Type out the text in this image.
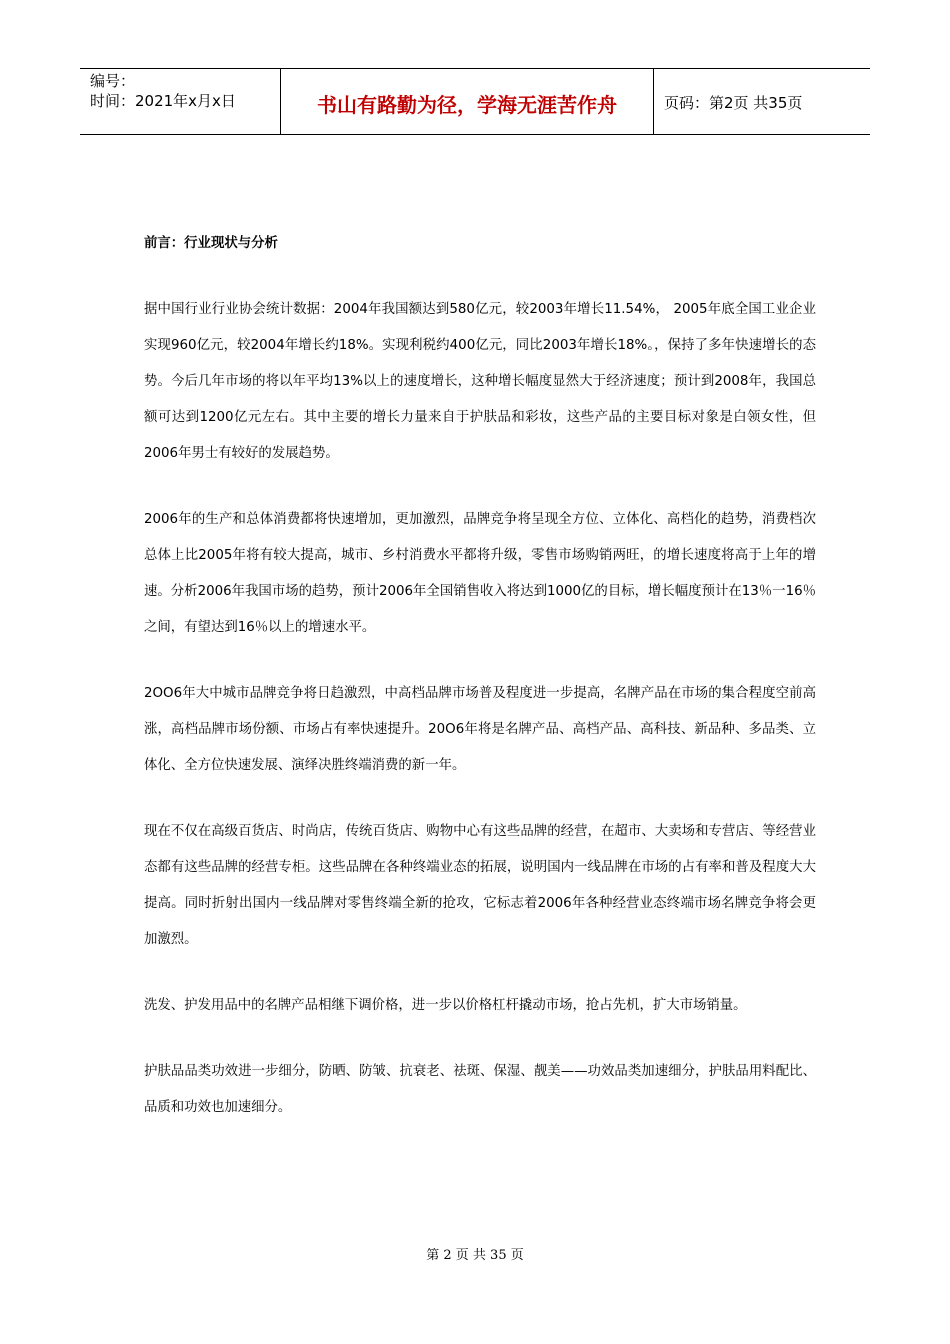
编号：
时间：2021年x月x日	书山有路勤为径，学海无涯苦作舟	页码：第2页 共35页
前言：行业现状与分析

据中国行业行业协会统计数据：2004年我国额达到580亿元，较2003年增长11.54%， 2005年底全国工业企业实现960亿元，较2004年增长约18%。实现利税约400亿元，同比2003年增长18%。，保持了多年快速增长的态势。今后几年市场的将以年平均13%以上的速度增长，这种增长幅度显然大于经济速度；预计到2008年，我国总额可达到1200亿元左右。其中主要的增长力量来自于护肤品和彩妆，这些产品的主要目标对象是白领女性，但2006年男士有较好的发展趋势。

2006年的生产和总体消费都将快速增加，更加激烈，品牌竞争将呈现全方位、立体化、高档化的趋势，消费档次总体上比2005年将有较大提高，城市、乡村消费水平都将升级，零售市场购销两旺，的增长速度将高于上年的增速。分析2006年我国市场的趋势，预计2006年全国销售收入将达到1000亿的目标，增长幅度预计在13％一16％之间，有望达到16％以上的增速水平。

2OO6年大中城市品牌竞争将日趋激烈，中高档品牌市场普及程度进一步提高，名牌产品在市场的集合程度空前高涨，高档品牌市场份额、市场占有率快速提升。20O6年将是名牌产品、高档产品、高科技、新品种、多品类、立体化、全方位快速发展、演绎决胜终端消费的新一年。

现在不仅在高级百货店、时尚店，传统百货店、购物中心有这些品牌的经营，在超市、大卖场和专营店、等经营业态都有这些品牌的经营专柜。这些品牌在各种终端业态的拓展，说明国内一线品牌在市场的占有率和普及程度大大提高。同时折射出国内一线品牌对零售终端全新的抢攻，它标志着2006年各种经营业态终端市场名牌竞争将会更加激烈。

洗发、护发用品中的名牌产品相继下调价格，进一步以价格杠杆撬动市场，抢占先机，扩大市场销量。

护肤品品类功效进一步细分，防晒、防皱、抗衰老、祛斑、保湿、靓美——功效品类加速细分，护肤品用料配比、品质和功效也加速细分。

第 2 页 共 35 页
